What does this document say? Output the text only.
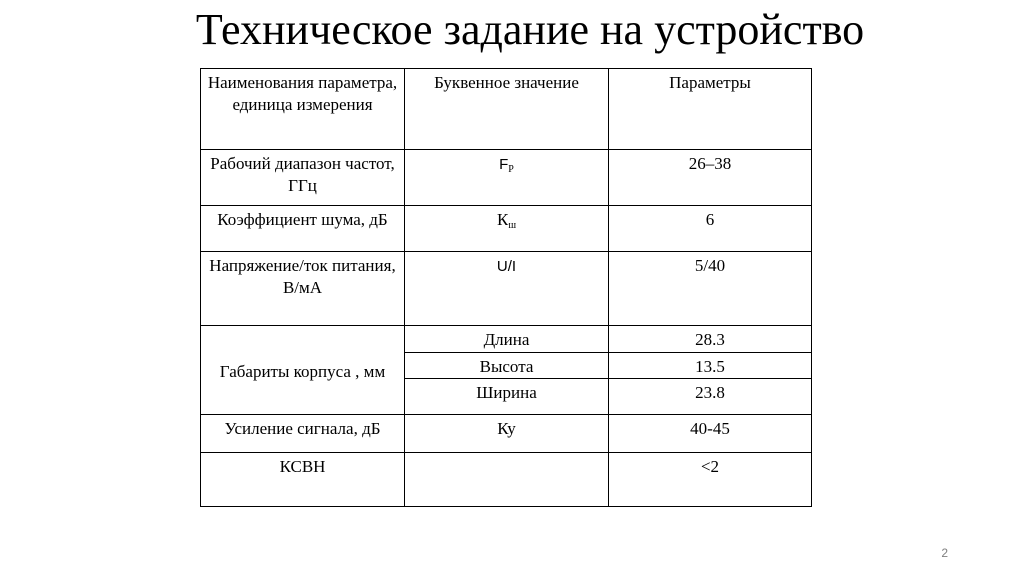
Техническое задание на устройство
Наименования параметра, единица измерения	Буквенное значение	Параметры
Рабочий диапазон частот, ГГц	$F_P$	26–38
Коэффициент шума, дБ	$К_ш$	6
Напряжение/ток питания, В/мА	U/I	5/40
Габариты корпуса , мм	Длина	28.3
	Высота	13.5
	Ширина	23.8
Усиление сигнала, дБ	Ку	40-45
КСВН		<2
2
